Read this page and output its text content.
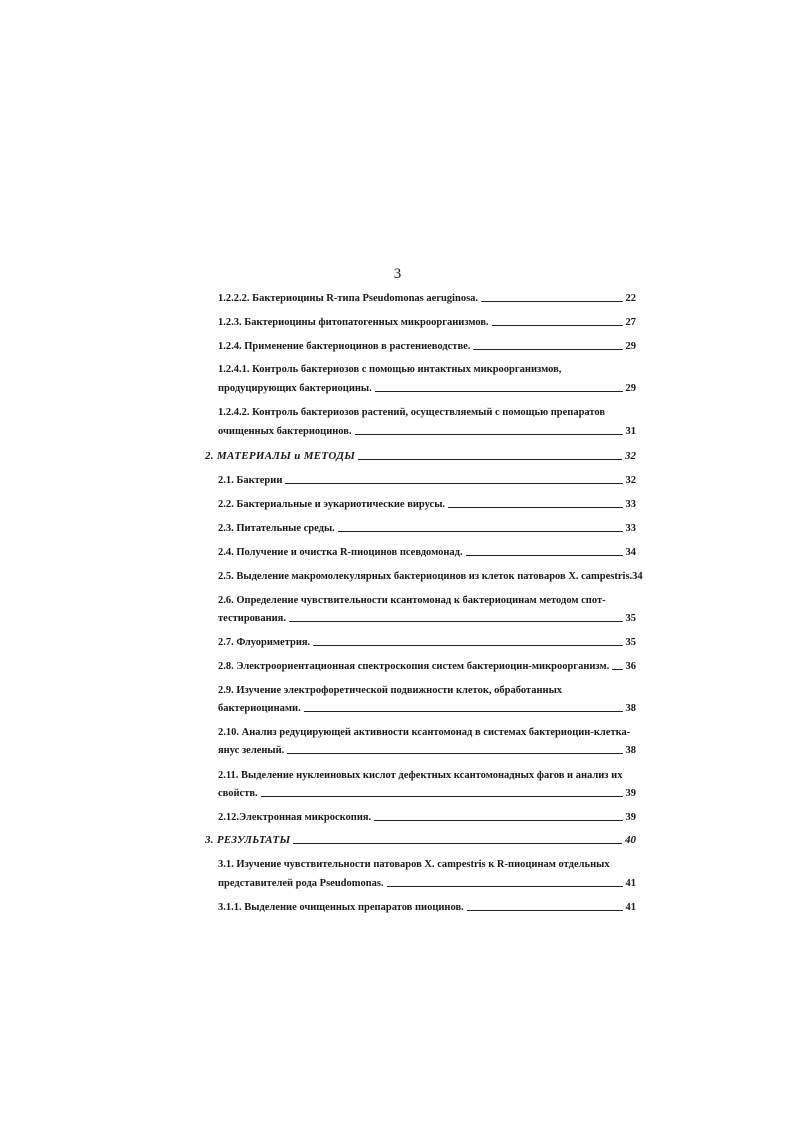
3
1.2.2.2. Бактериоцины R-типа Pseudomonas aeruginosa.	22
1.2.3. Бактериоцины фитопатогенных микроорганизмов.	27
1.2.4. Применение бактериоцинов в растениеводстве.	29
1.2.4.1. Контроль бактериозов с помощью интактных микроорганизмов,
продуцирующих бактериоцины.	29
1.2.4.2. Контроль бактериозов растений, осуществляемый с помощью препаратов
очищенных бактериоцинов.	31
2. МАТЕРИАЛЫ и МЕТОДЫ	32
2.1. Бактерии	32
2.2. Бактериальные и эукариотические вирусы.	33
2.3. Питательные среды.	33
2.4. Получение и очистка R-пиоцинов псевдомонад.	34
2.5. Выделение макромолекулярных бактериоцинов из клеток патоваров X. campestris.34
2.6. Определение чувствительности ксантомонад к бактериоцинам методом спот-
тестирования.	35
2.7. Флуориметрия.	35
2.8. Электроориентационная спектроскопия систем бактериоцин-микроорганизм. 36
2.9. Изучение электрофоретической подвижности клеток, обработанных
бактериоцинами.	38
2.10. Анализ редуцирующей активности ксантомонад в системах бактериоцин-клетка-
янус зеленый.	38
2.11. Выделение нуклеиновых кислот дефектных ксантомонадных фагов и анализ их
свойств.	39
2.12.Электронная микроскопия.	39
3. РЕЗУЛЬТАТЫ	40
3.1. Изучение чувствительности патоваров X. campestris к R-пиоцинам отдельных
представителей рода Pseudomonas.	41
3.1.1. Выделение очищенных препаратов пиоцинов.	41
